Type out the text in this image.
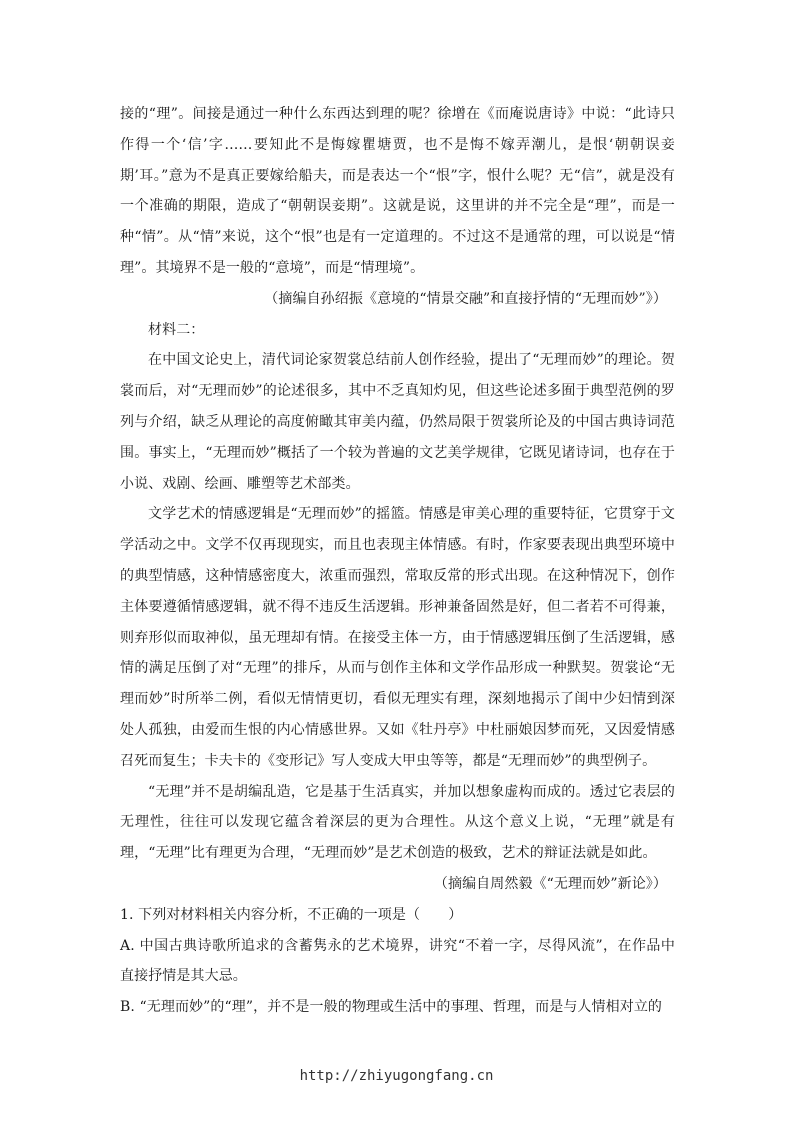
接的“理”。间接是通过一种什么东西达到理的呢？徐增在《而庵说唐诗》中说：“此诗只作得一个‘信’字……要知此不是悔嫁瞿塘贾，也不是悔不嫁弄潮儿，是恨‘朝朝误妾期’耳。”意为不是真正要嫁给船夫，而是表达一个“恨”字，恨什么呢？无“信”，就是没有一个准确的期限，造成了“朝朝误妾期”。这就是说，这里讲的并不完全是“理”，而是一种“情”。从“情”来说，这个“恨”也是有一定道理的。不过这不是通常的理，可以说是“情理”。其境界不是一般的“意境”，而是“情理境”。

（摘编自孙绍振《意境的“情景交融”和直接抒情的“无理而妙”》）

材料二：

在中国文论史上，清代词论家贺裳总结前人创作经验，提出了“无理而妙”的理论。贺裳而后，对“无理而妙”的论述很多，其中不乏真知灼见，但这些论述多囿于典型范例的罗列与介绍，缺乏从理论的高度俯瞰其审美内蕴，仍然局限于贺裳所论及的中国古典诗词范围。事实上，“无理而妙”概括了一个较为普遍的文艺美学规律，它既见诸诗词，也存在于小说、戏剧、绘画、雕塑等艺术部类。

文学艺术的情感逻辑是“无理而妙”的摇篮。情感是审美心理的重要特征，它贯穿于文学活动之中。文学不仅再现现实，而且也表现主体情感。有时，作家要表现出典型环境中的典型情感，这种情感密度大，浓重而强烈，常取反常的形式出现。在这种情况下，创作主体要遵循情感逻辑，就不得不违反生活逻辑。形神兼备固然是好，但二者若不可得兼，则弃形似而取神似，虽无理却有情。在接受主体一方，由于情感逻辑压倒了生活逻辑，感情的满足压倒了对“无理”的排斥，从而与创作主体和文学作品形成一种默契。贺裳论“无理而妙”时所举二例，看似无情情更切，看似无理实有理，深刻地揭示了闺中少妇情到深处人孤独，由爱而生恨的内心情感世界。又如《牡丹亭》中杜丽娘因梦而死，又因爱情感召死而复生；卡夫卡的《变形记》写人变成大甲虫等等，都是“无理而妙”的典型例子。

“无理”并不是胡编乱造，它是基于生活真实，并加以想象虚构而成的。透过它表层的无理性，往往可以发现它蕴含着深层的更为合理性。从这个意义上说，“无理”就是有理，“无理”比有理更为合理，“无理而妙”是艺术创造的极致，艺术的辩证法就是如此。

（摘编自周然毅《“无理而妙”新论》）

1. 下列对材料相关内容分析，不正确的一项是（　　）

A. 中国古典诗歌所追求的含蓄隽永的艺术境界，讲究“不着一字，尽得风流”，在作品中直接抒情是其大忌。

B. “无理而妙”的“理”，并不是一般的物理或生活中的事理、哲理，而是与人情相对立的

http://zhiyugongfang.cn
